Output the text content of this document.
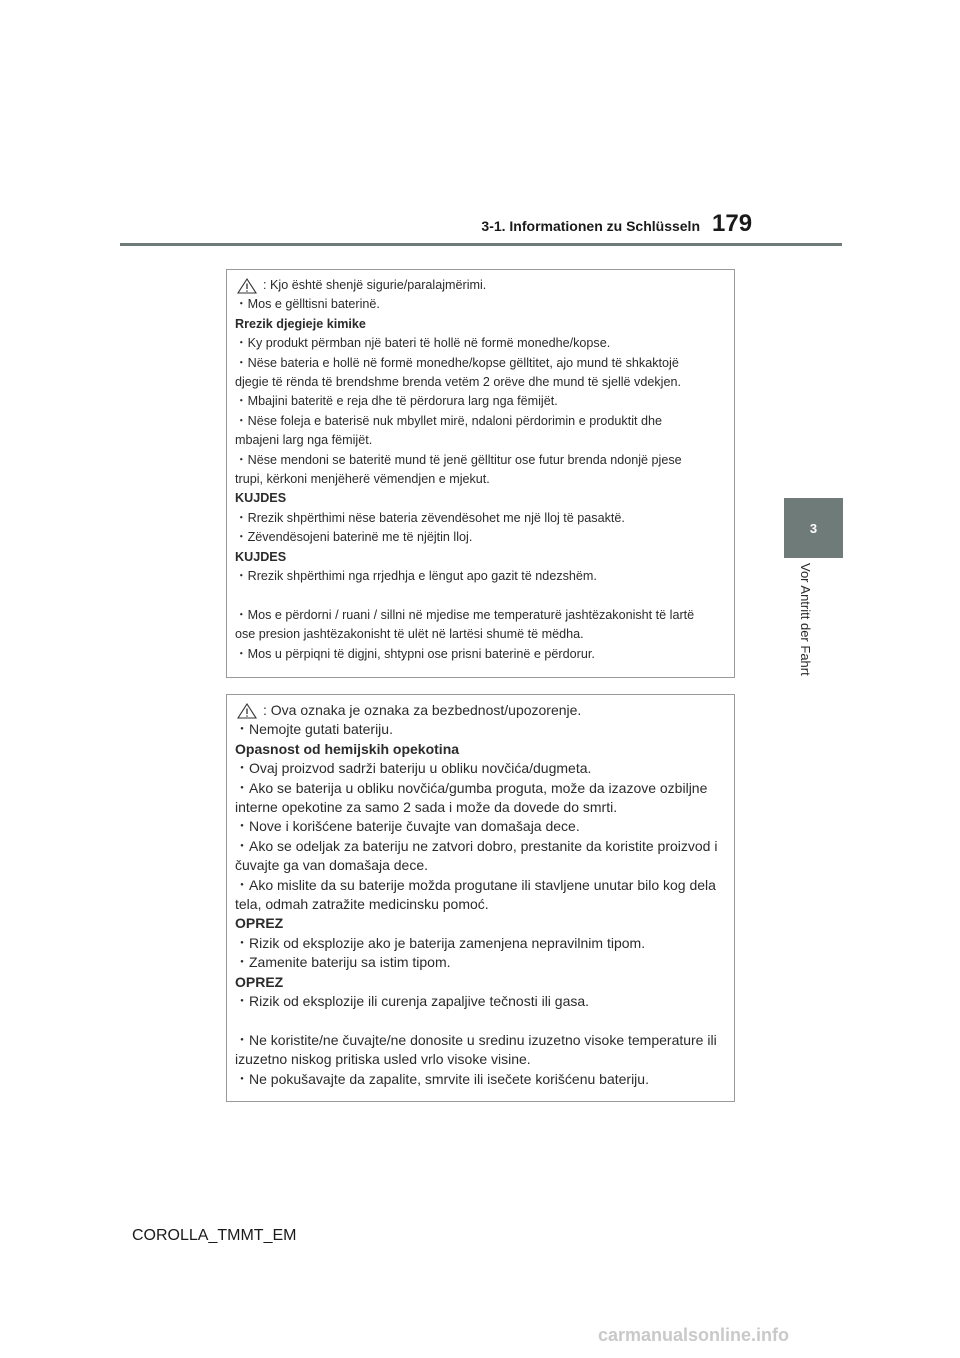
3-1. Informationen zu Schlüsseln 179
3
Vor Antritt der Fahrt
: Kjo është shenjë sigurie/paralajmërimi.

・Mos e gëlltisni baterinë.

Rrezik djegieje kimike

・Ky produkt përmban një bateri të hollë në formë monedhe/kopse.

・Nëse bateria e hollë në formë monedhe/kopse gëlltitet, ajo mund të shkaktojë

djegie të rënda të brendshme brenda vetëm 2 orëve dhe mund të sjellë vdekjen.

・Mbajini bateritë e reja dhe të përdorura larg nga fëmijët.

・Nëse foleja e baterisë nuk mbyllet mirë, ndaloni përdorimin e produktit dhe

mbajeni larg nga fëmijët.

・Nëse mendoni se bateritë mund të jenë gëlltitur ose futur brenda ndonjë pjese

trupi, kërkoni menjëherë vëmendjen e mjekut.

KUJDES

・Rrezik shpërthimi nëse bateria zëvendësohet me një lloj të pasaktë.

・Zëvendësojeni baterinë me të njëjtin lloj.

KUJDES

・Rrezik shpërthimi nga rrjedhja e lëngut apo gazit të ndezshëm.

・Mos e përdorni / ruani / sillni në mjedise me temperaturë jashtëzakonisht të lartë

ose presion jashtëzakonisht të ulët në lartësi shumë të mëdha.

・Mos u përpiqni të digjni, shtypni ose prisni baterinë e përdorur.

: Ova oznaka je oznaka za bezbednost/upozorenje.

・Nemojte gutati bateriju.

Opasnost od hemijskih opekotina

・Ovaj proizvod sadrži bateriju u obliku novčića/dugmeta.

・Ako se baterija u obliku novčića/gumba proguta, može da izazove ozbiljne

interne opekotine za samo 2 sada i može da dovede do smrti.

・Nove i korišćene baterije čuvajte van domašaja dece.

・Ako se odeljak za bateriju ne zatvori dobro, prestanite da koristite proizvod i

čuvajte ga van domašaja dece.

・Ako mislite da su baterije možda progutane ili stavljene unutar bilo kog dela

tela, odmah zatražite medicinsku pomoć.

OPREZ

・Rizik od eksplozije ako je baterija zamenjena nepravilnim tipom.

・Zamenite bateriju sa istim tipom.

OPREZ

・Rizik od eksplozije ili curenja zapaljive tečnosti ili gasa.

・Ne koristite/ne čuvajte/ne donosite u sredinu izuzetno visoke temperature ili

izuzetno niskog pritiska usled vrlo visoke visine.

・Ne pokušavajte da zapalite, smrvite ili isečete korišćenu bateriju.

COROLLA_TMMT_EM
carmanualsonline.info
